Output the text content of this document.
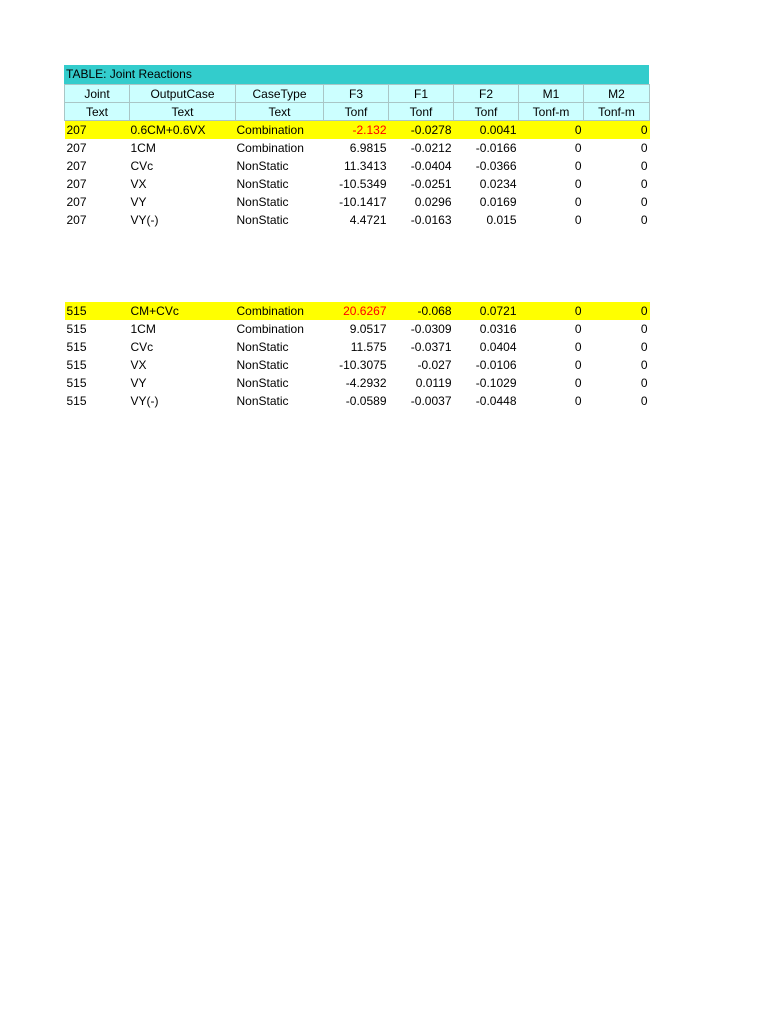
TABLE: Joint Reactions
Joint	OutputCase	CaseType	F3	F1	F2	M1	M2
Text	Text	Text	Tonf	Tonf	Tonf	Tonf-m	Tonf-m
207	0.6CM+0.6VX	Combination	-2.132	-0.0278	0.0041	0	0
207	1CM	Combination	6.9815	-0.0212	-0.0166	0	0
207	CVc	NonStatic	11.3413	-0.0404	-0.0366	0	0
207	VX	NonStatic	-10.5349	-0.0251	0.0234	0	0
207	VY	NonStatic	-10.1417	0.0296	0.0169	0	0
207	VY(-)	NonStatic	4.4721	-0.0163	0.015	0	0

515	CM+CVc	Combination	20.6267	-0.068	0.0721	0	0
515	1CM	Combination	9.0517	-0.0309	0.0316	0	0
515	CVc	NonStatic	11.575	-0.0371	0.0404	0	0
515	VX	NonStatic	-10.3075	-0.027	-0.0106	0	0
515	VY	NonStatic	-4.2932	0.0119	-0.1029	0	0
515	VY(-)	NonStatic	-0.0589	-0.0037	-0.0448	0	0
